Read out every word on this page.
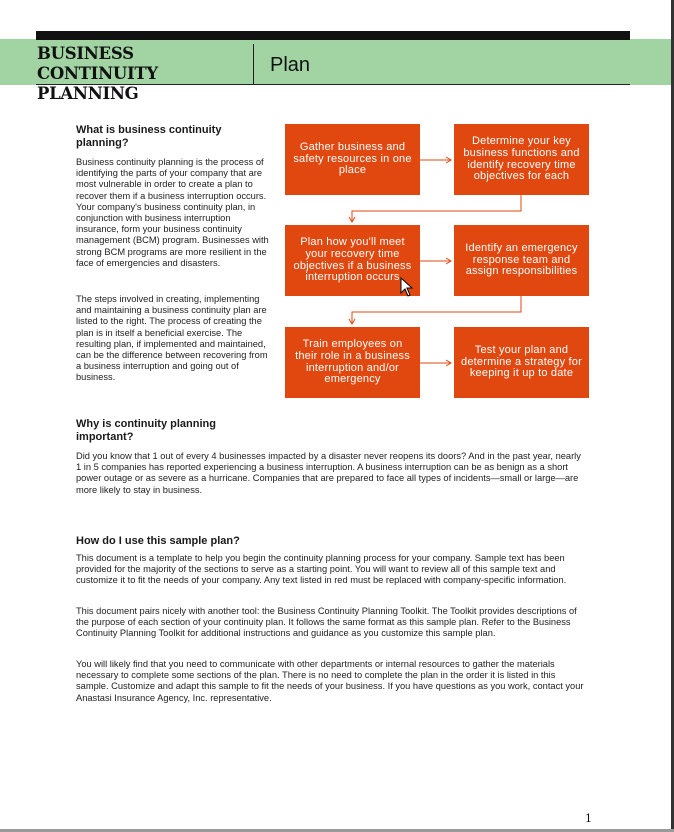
BUSINESS CONTINUITY PLANNING
Plan
What is business continuity planning?

Business continuity planning is the process of identifying the parts of your company that are most vulnerable in order to create a plan to recover them if a business interruption occurs. Your company's business continuity plan, in conjunction with business interruption insurance, form your business continuity management (BCM) program. Businesses with strong BCM programs are more resilient in the face of emergencies and disasters.

The steps involved in creating, implementing and maintaining a business continuity plan are listed to the right. The process of creating the plan is in itself a beneficial exercise. The resulting plan, if implemented and maintained, can be the difference between recovering from a business interruption and going out of business.

Gather business and safety resources in one place
Determine your key business functions and identify recovery time objectives for each
Plan how you'll meet your recovery time objectives if a business interruption occurs
Identify an emergency response team and assign responsibilities
Train employees on their role in a business interruption and/or emergency
Test your plan and determine a strategy for keeping it up to date
Why is continuity planning important?

Did you know that 1 out of every 4 businesses impacted by a disaster never reopens its doors? And in the past year, nearly 1 in 5 companies has reported experiencing a business interruption. A business interruption can be as benign as a short power outage or as severe as a hurricane. Companies that are prepared to face all types of incidents—small or large—are more likely to stay in business.

How do I use this sample plan?

This document is a template to help you begin the continuity planning process for your company. Sample text has been provided for the majority of the sections to serve as a starting point. You will want to review all of this sample text and customize it to fit the needs of your company. Any text listed in red must be replaced with company-specific information.

This document pairs nicely with another tool: the Business Continuity Planning Toolkit. The Toolkit provides descriptions of the purpose of each section of your continuity plan. It follows the same format as this sample plan. Refer to the Business Continuity Planning Toolkit for additional instructions and guidance as you customize this sample plan.

You will likely find that you need to communicate with other departments or internal resources to gather the materials necessary to complete some sections of the plan. There is no need to complete the plan in the order it is listed in this sample. Customize and adapt this sample to fit the needs of your business. If you have questions as you work, contact your Anastasi Insurance Agency, Inc. representative.

1
